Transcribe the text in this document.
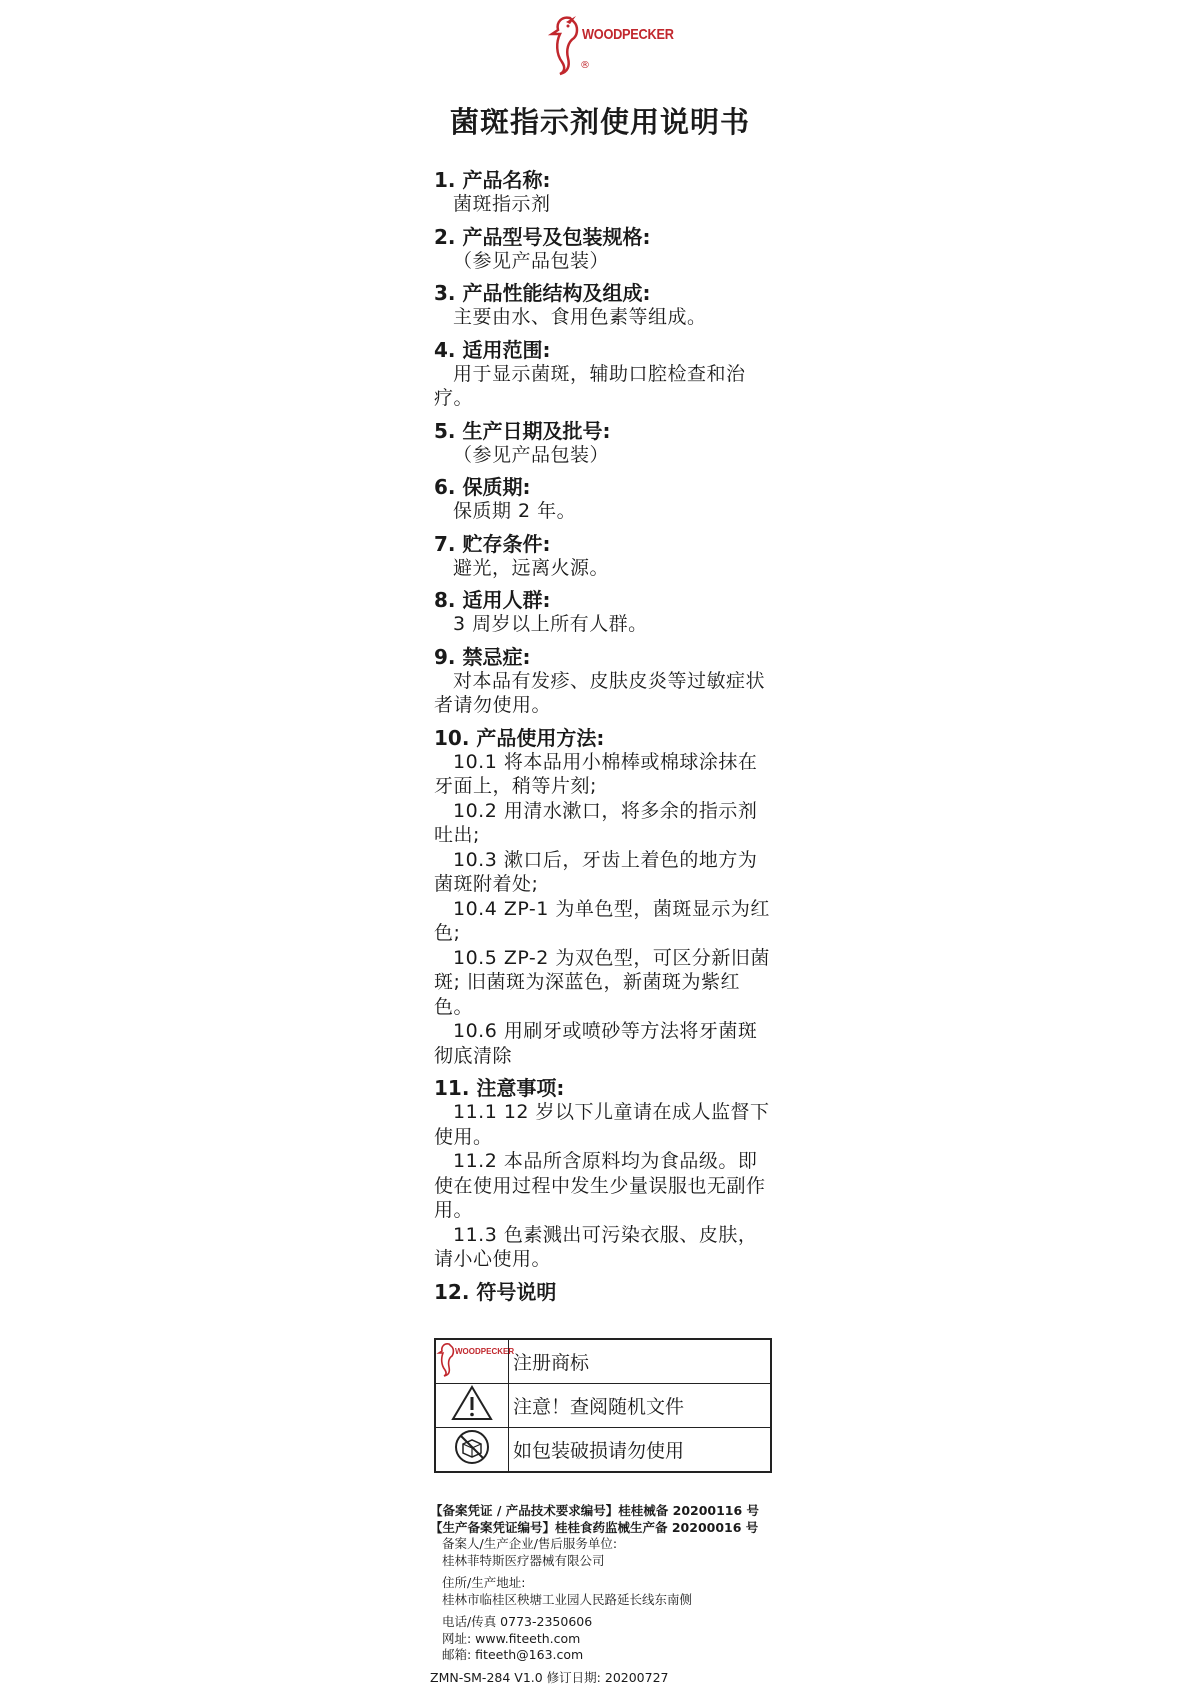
WOODPECKER
®
菌斑指示剂使用说明书
1. 产品名称:
菌斑指示剂
2. 产品型号及包装规格:
（参见产品包装）
3. 产品性能结构及组成:
主要由水、食用色素等组成。
4. 适用范围:
用于显示菌斑，辅助口腔检查和治疗。
5. 生产日期及批号:
（参见产品包装）
6. 保质期:
保质期 2 年。
7. 贮存条件:
避光，远离火源。
8. 适用人群:
3 周岁以上所有人群。
9. 禁忌症:
对本品有发疹、皮肤皮炎等过敏症状者请勿使用。
10. 产品使用方法:
10.1 将本品用小棉棒或棉球涂抹在牙面上，稍等片刻;
10.2 用清水漱口，将多余的指示剂吐出;
10.3 漱口后，牙齿上着色的地方为菌斑附着处;
10.4 ZP-1 为单色型，菌斑显示为红色;
10.5 ZP-2 为双色型，可区分新旧菌斑; 旧菌斑为深蓝色，新菌斑为紫红色。
10.6 用刷牙或喷砂等方法将牙菌斑彻底清除
11. 注意事项:
11.1 12 岁以下儿童请在成人监督下使用。
11.2 本品所含原料均为食品级。即使在使用过程中发生少量误服也无副作用。
11.3 色素溅出可污染衣服、皮肤，请小心使用。
12. 符号说明
WOODPECKER	注册商标
	注意！查阅随机文件
	如包装破损请勿使用
【备案凭证 / 产品技术要求编号】桂桂械备 20200116 号
【生产备案凭证编号】桂桂食药监械生产备 20200016 号
备案人/生产企业/售后服务单位:
桂林菲特斯医疗器械有限公司
住所/生产地址:
桂林市临桂区秧塘工业园人民路延长线东南侧
电话/传真 0773-2350606
网址: www.fiteeth.com
邮箱: fiteeth@163.com
ZMN-SM-284 V1.0 修订日期: 20200727
